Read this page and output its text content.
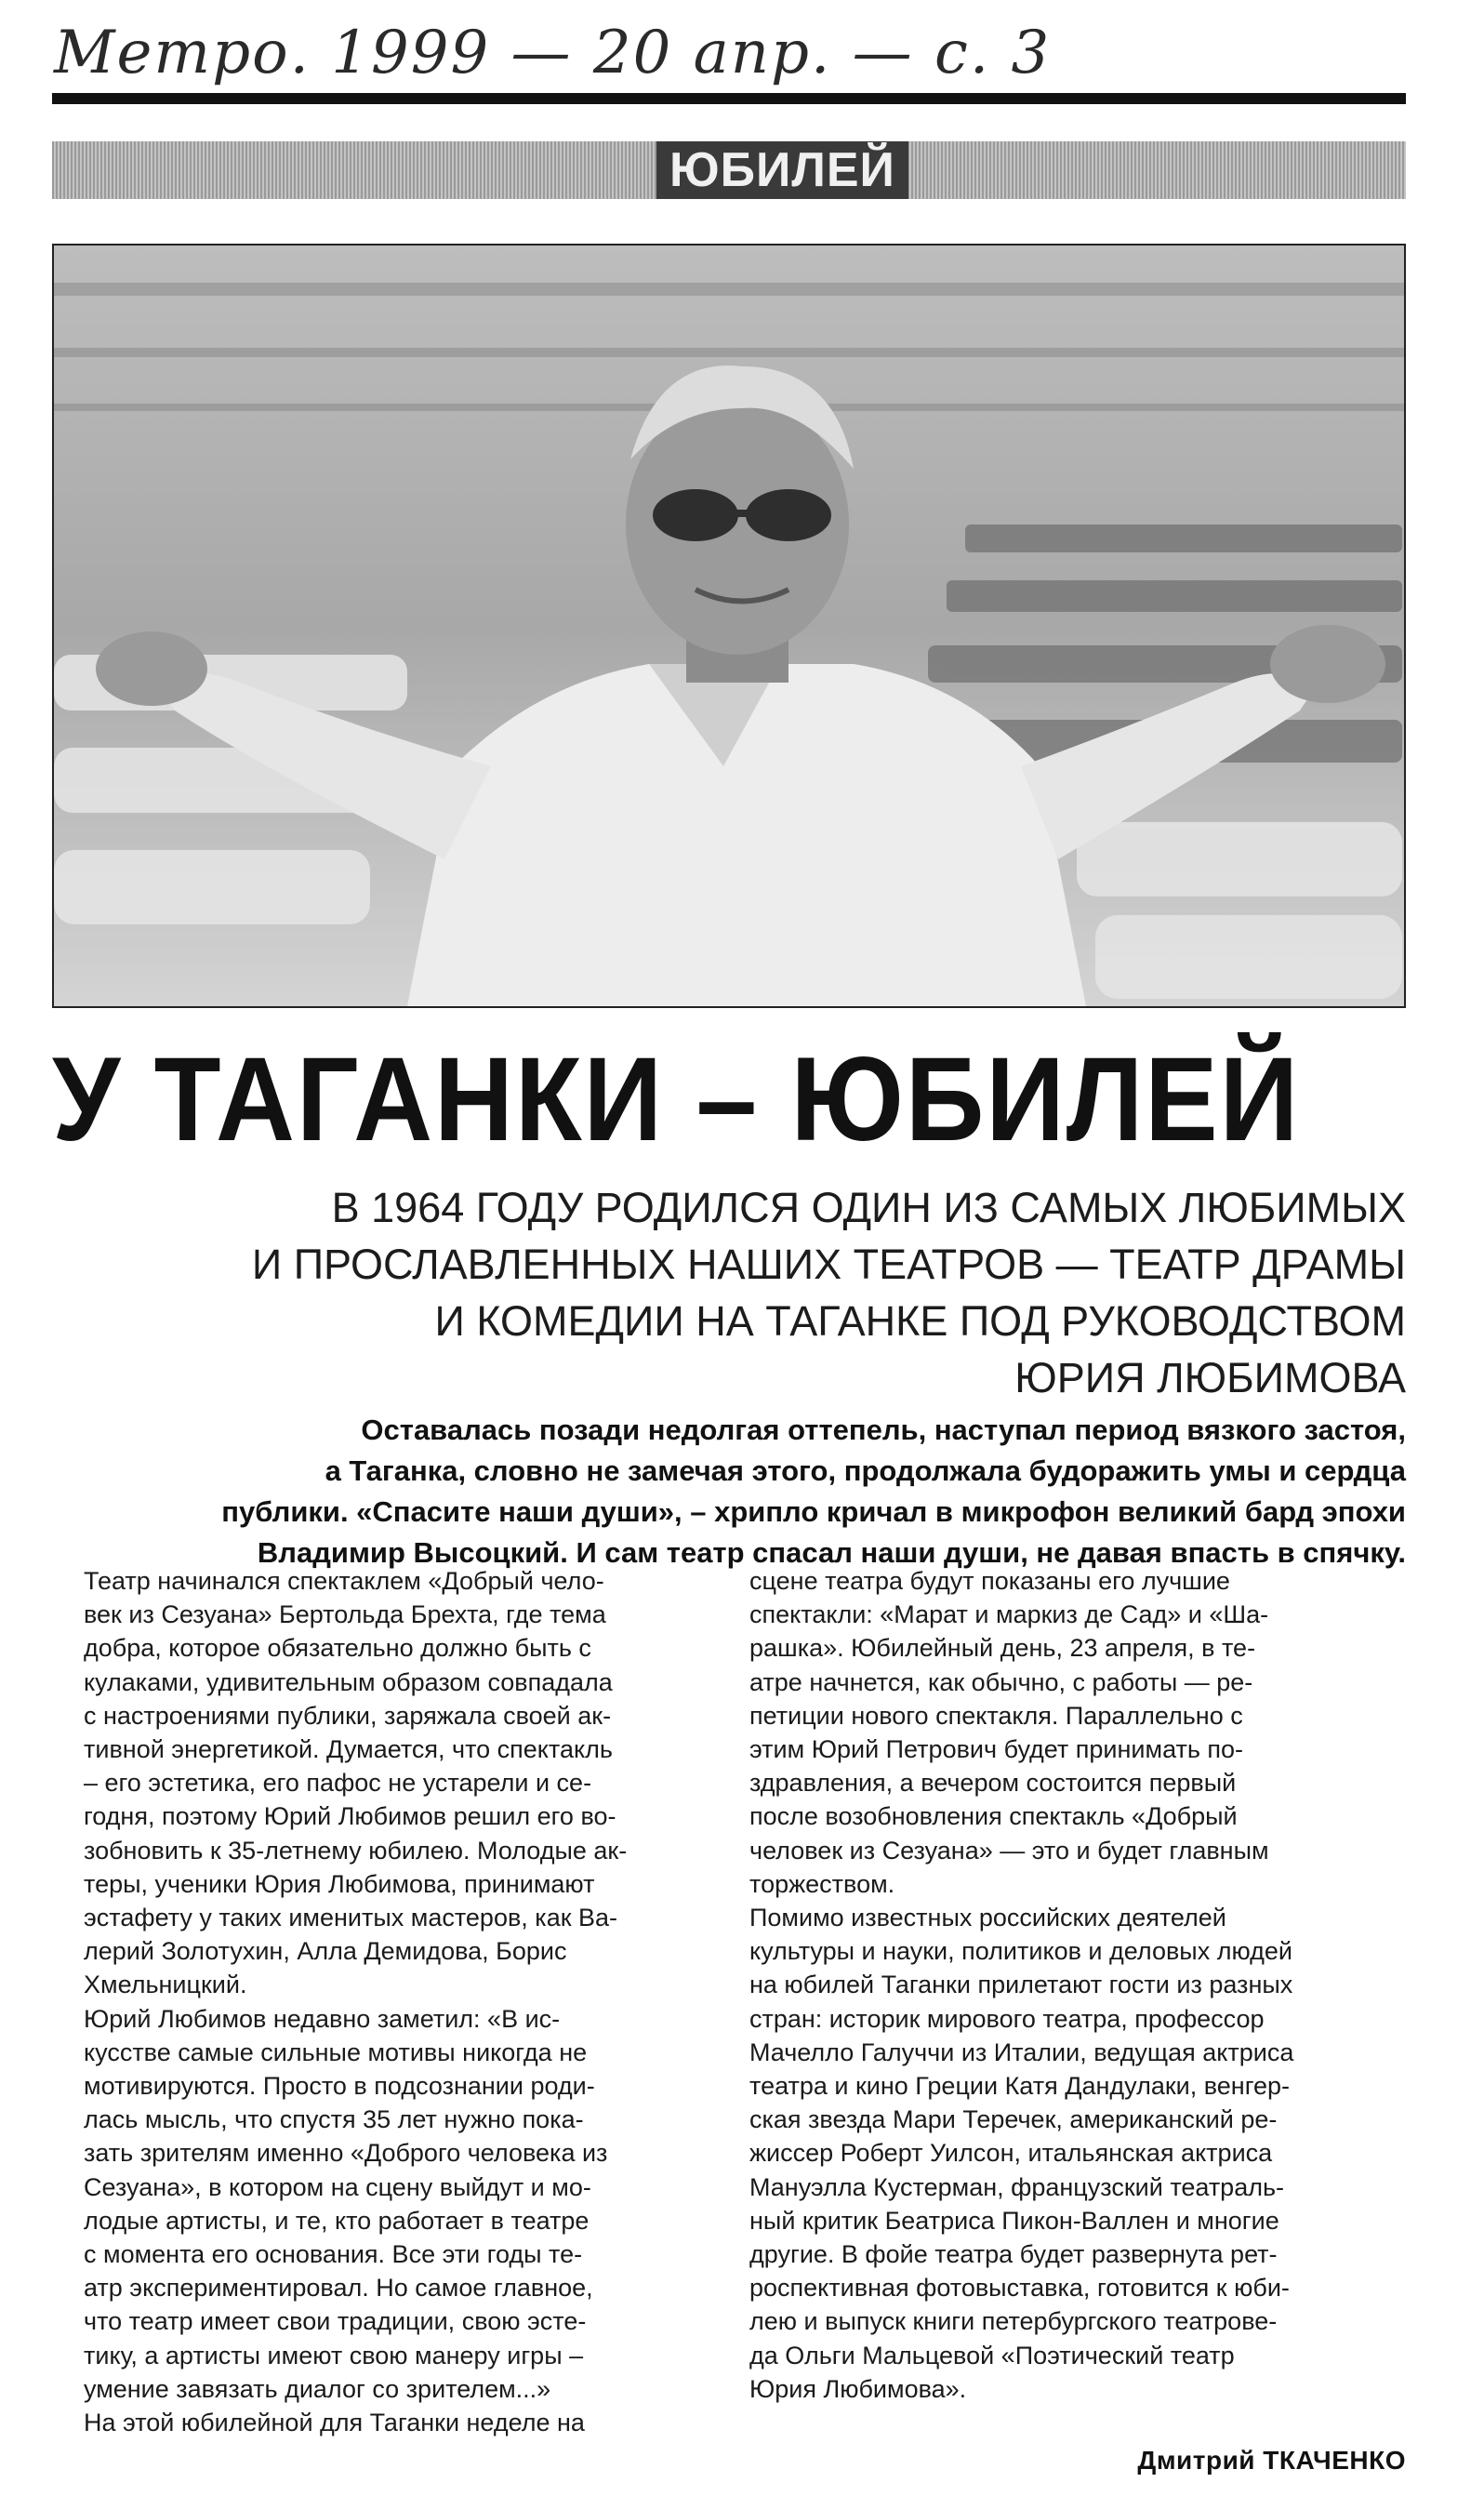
Метро. 1999 — 20 апр. — с. 3
ЮБИЛЕЙ
У ТАГАНКИ – ЮБИЛЕЙ
В 1964 ГОДУ РОДИЛСЯ ОДИН ИЗ САМЫХ ЛЮБИМЫХ
И ПРОСЛАВЛЕННЫХ НАШИХ ТЕАТРОВ — ТЕАТР ДРАМЫ
И КОМЕДИИ НА ТАГАНКЕ ПОД РУКОВОДСТВОМ
ЮРИЯ ЛЮБИМОВА
Оставалась позади недолгая оттепель, наступал период вязкого застоя,
а Таганка, словно не замечая этого, продолжала будоражить умы и сердца
публики. «Спасите наши души», – хрипло кричал в микрофон великий бард эпохи
Владимир Высоцкий. И сам театр спасал наши души, не давая впасть в спячку.
Театр начинался спектаклем «Добрый чело-
век из Сезуана» Бертольда Брехта, где тема
добра, которое обязательно должно быть с
кулаками, удивительным образом совпадала
с настроениями публики, заряжала своей ак-
тивной энергетикой. Думается, что спектакль
– его эстетика, его пафос не устарели и се-
годня, поэтому Юрий Любимов решил его во-
зобновить к 35-летнему юбилею. Молодые ак-
теры, ученики Юрия Любимова, принимают
эстафету у таких именитых мастеров, как Ва-
лерий Золотухин, Алла Демидова, Борис
Хмельницкий.
Юрий Любимов недавно заметил: «В ис-
кусстве самые сильные мотивы никогда не
мотивируются. Просто в подсознании роди-
лась мысль, что спустя 35 лет нужно пока-
зать зрителям именно «Доброго человека из
Сезуана», в котором на сцену выйдут и мо-
лодые артисты, и те, кто работает в театре
с момента его основания. Все эти годы те-
атр экспериментировал. Но самое главное,
что театр имеет свои традиции, свою эсте-
тику, а артисты имеют свою манеру игры –
умение завязать диалог со зрителем...»
На этой юбилейной для Таганки неделе на
сцене театра будут показаны его лучшие
спектакли: «Марат и маркиз де Сад» и «Ша-
рашка». Юбилейный день, 23 апреля, в те-
атре начнется, как обычно, с работы — ре-
петиции нового спектакля. Параллельно с
этим Юрий Петрович будет принимать по-
здравления, а вечером состоится первый
после возобновления спектакль «Добрый
человек из Сезуана» — это и будет главным
торжеством.
Помимо известных российских деятелей
культуры и науки, политиков и деловых людей
на юбилей Таганки прилетают гости из разных
стран: историк мирового театра, профессор
Мачелло Галуччи из Италии, ведущая актриса
театра и кино Греции Катя Дандулаки, венгер-
ская звезда Мари Теречек, американский ре-
жиссер Роберт Уилсон, итальянская актриса
Мануэлла Кустерман, французский театраль-
ный критик Беатриса Пикон-Валлен и многие
другие. В фойе театра будет развернута рет-
роспективная фотовыставка, готовится к юби-
лею и выпуск книги петербургского театрове-
да Ольги Мальцевой «Поэтический театр
Юрия Любимова».
Дмитрий ТКАЧЕНКО
